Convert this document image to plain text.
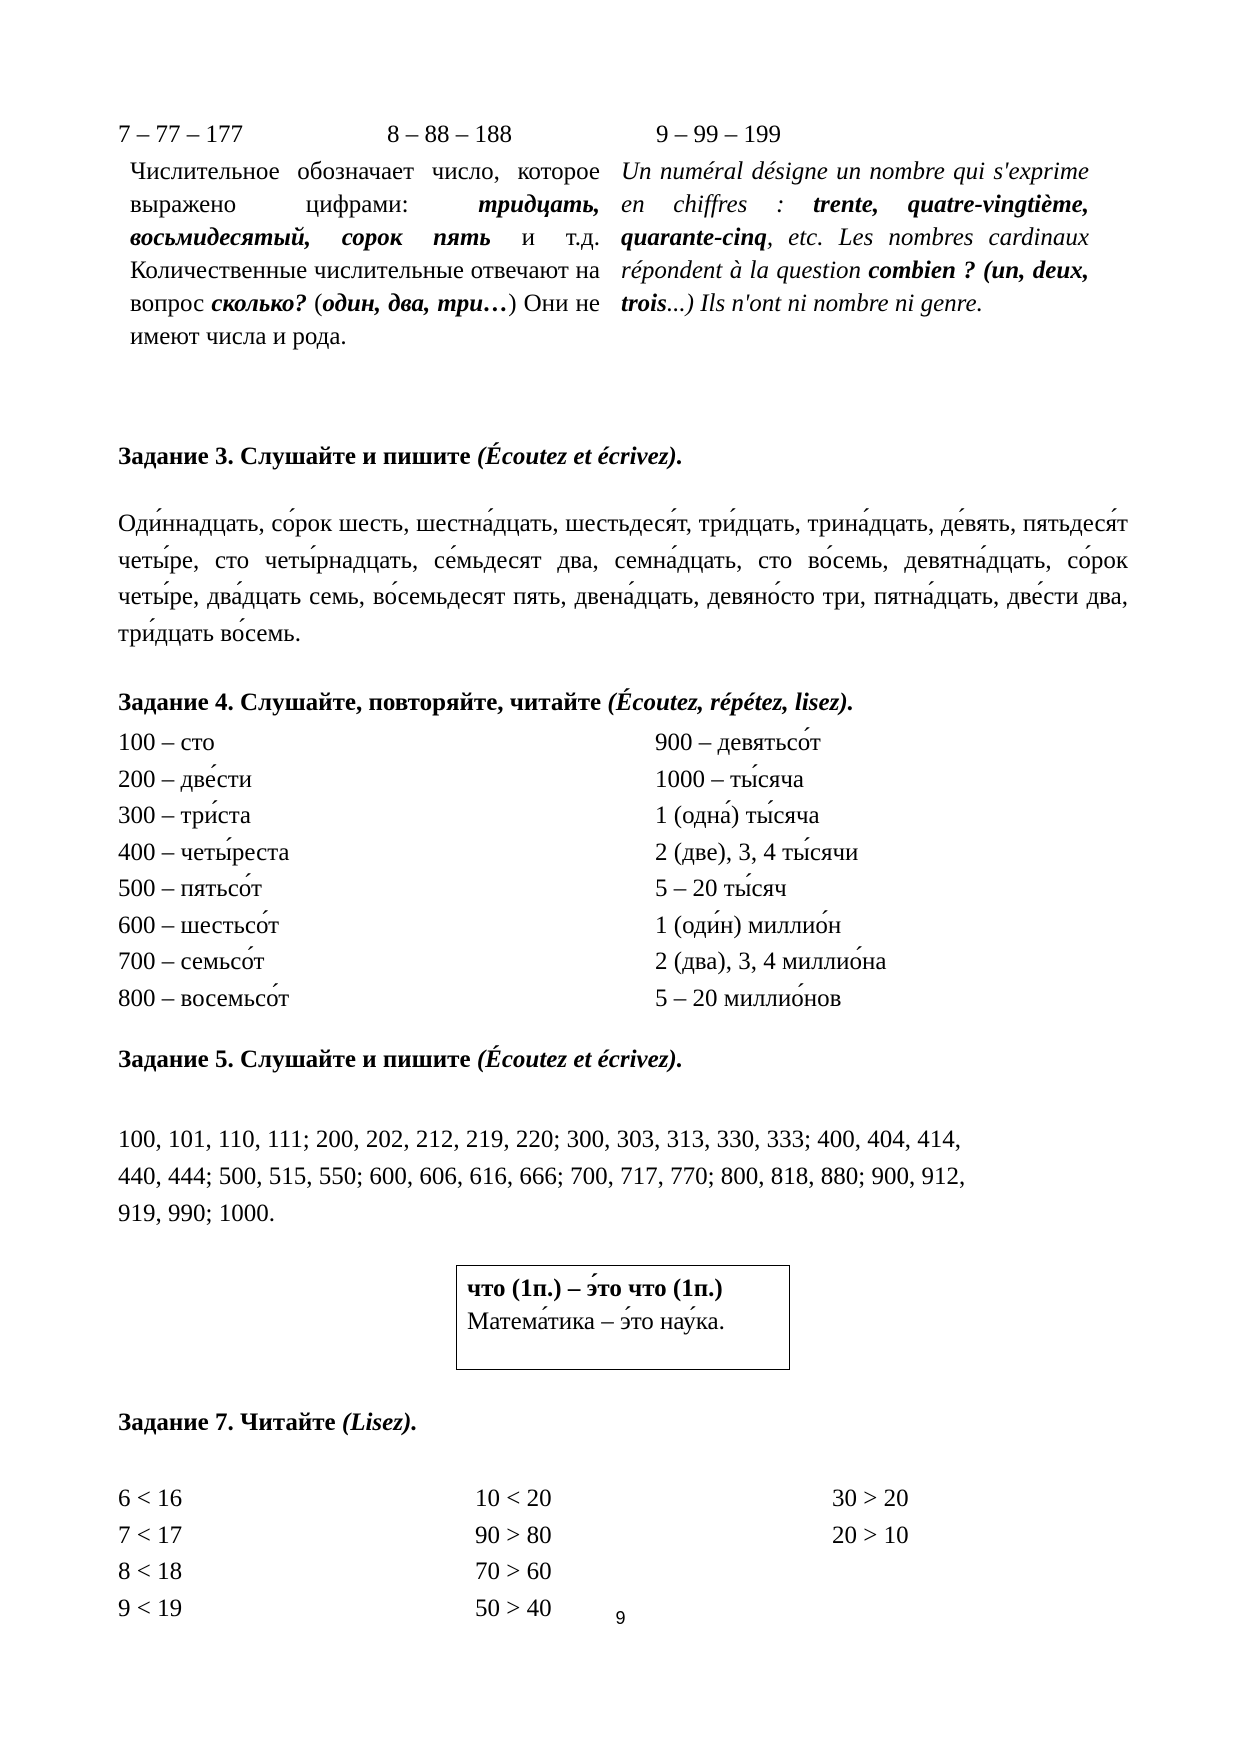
7 – 77 – 177	8 – 88 – 188	9 – 99 – 199
Числительное обозначает число, которое выражено цифрами: тридцать, восьмидесятый, сорок пять и т.д. Количественные числительные отвечают на вопрос сколько? (один, два, три…) Они не имеют числа и рода.
Un numéral désigne un nombre qui s'exprime en chiffres : trente, quatre-vingtième, quarante-cinq, etc. Les nombres cardinaux répondent à la question combien ? (un, deux, trois...) Ils n'ont ni nombre ni genre.
Задание 3. Слушайте и пишите (Écoutez et écrivez).
Оди́ннадцать, со́рок шесть, шестна́дцать, шестьдеся́т, три́дцать, трина́дцать, де́вять, пятьдеся́т четы́ре, сто четы́рнадцать, се́мьдесят два, семна́дцать, сто во́семь, девятна́дцать, со́рок четы́ре, два́дцать семь, во́семьдесят пять, двена́дцать, девяно́сто три, пятна́дцать, две́сти два, три́дцать во́семь.
Задание 4. Слушайте, повторяйте, читайте (Écoutez, répétez, lisez).
100 – сто
200 – две́сти
300 – три́ста
400 – четы́реста
500 – пятьсо́т
600 – шестьсо́т
700 – семьсо́т
800 – восемьсо́т
900 – девятьсо́т
1000 – ты́сяча
1 (одна́) ты́сяча
2 (две), 3, 4 ты́сячи
5 – 20 ты́сяч
1 (оди́н) миллио́н
2 (два), 3, 4 миллио́на
5 – 20 миллио́нов
Задание 5. Слушайте и пишите (Écoutez et écrivez).
100, 101, 110, 111; 200, 202, 212, 219, 220; 300, 303, 313, 330, 333; 400, 404, 414, 440, 444; 500, 515, 550; 600, 606, 616, 666; 700, 717, 770; 800, 818, 880; 900, 912, 919, 990; 1000.
что (1п.) – э́то что (1п.)
Матема́тика – э́то нау́ка.
Задание 7. Читайте (Lisez).
6 < 16
7 < 17
8 < 18
9 < 19
10 < 20
90 > 80
70 > 60
50 > 40
30 > 20
20 > 10
9
